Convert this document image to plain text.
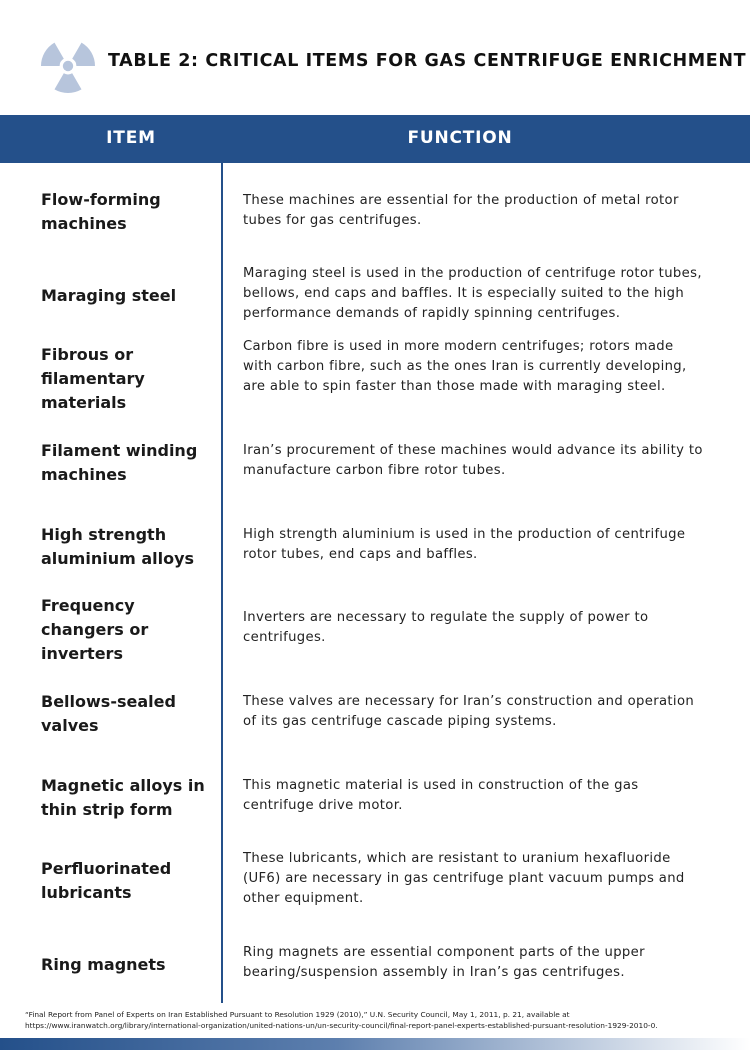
TABLE 2: CRITICAL ITEMS FOR GAS CENTRIFUGE ENRICHMENT
ITEM	FUNCTION
Flow-forming machines
These machines are essential for the production of metal rotor tubes for gas centrifuges.
Maraging steel
Maraging steel is used in the production of centrifuge rotor tubes, bellows, end caps and baffles. It is especially suited to the high performance demands of rapidly spinning centrifuges.
Fibrous or filamentary materials
Carbon fibre is used in more modern centrifuges; rotors made with carbon fibre, such as the ones Iran is currently developing, are able to spin faster than those made with maraging steel.
Filament winding machines
Iran’s procurement of these machines would advance its ability to manufacture carbon fibre rotor tubes.
High strength aluminium alloys
High strength aluminium is used in the production of centrifuge rotor tubes, end caps and baffles.
Frequency changers or inverters
Inverters are necessary to regulate the supply of power to centrifuges.
Bellows-sealed valves
These valves are necessary for Iran’s construction and operation of its gas centrifuge cascade piping systems.
Magnetic alloys in thin strip form
This magnetic material is used in construction of the gas centrifuge drive motor.
Perfluorinated lubricants
These lubricants, which are resistant to uranium hexafluoride (UF6) are necessary in gas centrifuge plant vacuum pumps and other equipment.
Ring magnets
Ring magnets are essential component parts of the upper bearing/suspension assembly in Iran’s gas centrifuges.
“Final Report from Panel of Experts on Iran Established Pursuant to Resolution 1929 (2010),” U.N. Security Council, May 1, 2011, p. 21, available at https://www.iranwatch.org/library/international-organization/united-nations-un/un-security-council/final-report-panel-experts-established-pursuant-resolution-1929-2010-0.
